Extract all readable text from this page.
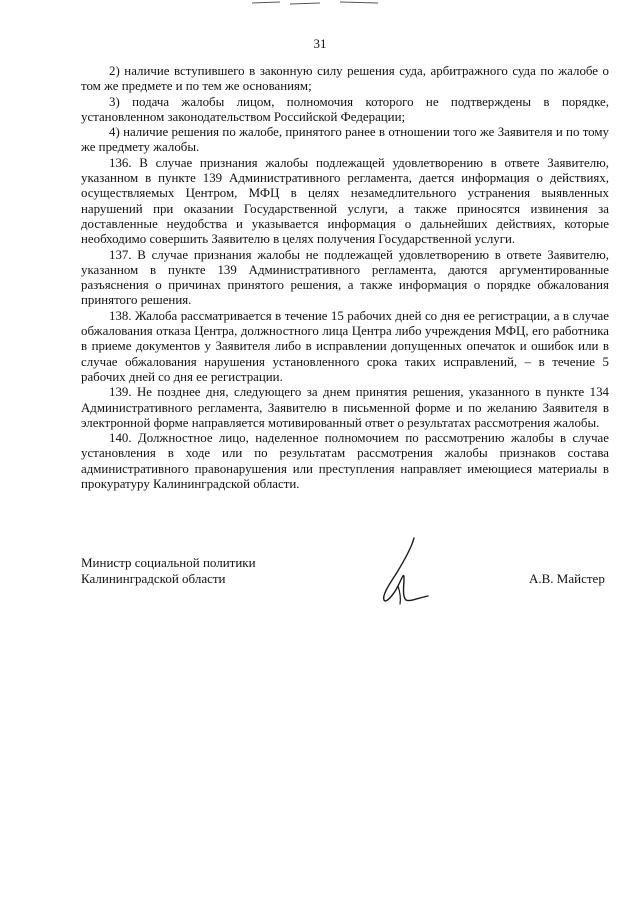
31

2) наличие вступившего в законную силу решения суда, арбитражного суда по жалобе о том же предмете и по тем же основаниям;

3) подача жалобы лицом, полномочия которого не подтверждены в порядке, установленном законодательством Российской Федерации;

4) наличие решения по жалобе, принятого ранее в отношении того же Заявителя и по тому же предмету жалобы.

136. В случае признания жалобы подлежащей удовлетворению в ответе Заявителю, указанном в пункте 139 Административного регламента, дается информация о действиях, осуществляемых Центром, МФЦ в целях незамедлительного устранения выявленных нарушений при оказании Государственной услуги, а также приносятся извинения за доставленные неудобства и указывается информация о дальнейших действиях, которые необходимо совершить Заявителю в целях получения Государственной услуги.

137. В случае признания жалобы не подлежащей удовлетворению в ответе Заявителю, указанном в пункте 139 Административного регламента, даются аргументированные разъяснения о причинах принятого решения, а также информация о порядке обжалования принятого решения.

138. Жалоба рассматривается в течение 15 рабочих дней со дня ее регистрации, а в случае обжалования отказа Центра, должностного лица Центра либо учреждения МФЦ, его работника в приеме документов у Заявителя либо в исправлении допущенных опечаток и ошибок или в случае обжалования нарушения установленного срока таких исправлений, – в течение 5 рабочих дней со дня ее регистрации.

139. Не позднее дня, следующего за днем принятия решения, указанного в пункте 134 Административного регламента, Заявителю в письменной форме и по желанию Заявителя в электронной форме направляется мотивированный ответ о результатах рассмотрения жалобы.

140. Должностное лицо, наделенное полномочием по рассмотрению жалобы в случае установления в ходе или по результатам рассмотрения жалобы признаков состава административного правонарушения или преступления направляет имеющиеся материалы в прокуратуру Калининградской области.

Министр социальной политики
Калининградской области	А.В. Майстер
